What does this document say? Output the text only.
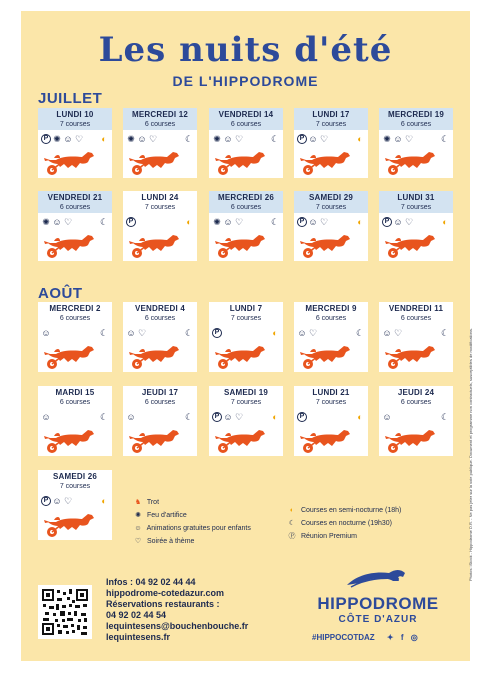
Les nuits d'été
DE L'HIPPODROME
JUILLET
AOÛT
LUNDI 10
7 courses
P ✺ ☺ ♡ ◐
MERCREDI 12
6 courses
✺ ☺ ♡	☾
VENDREDI 14
6 courses
✺ ☺ ♡	☾
LUNDI 17
7 courses
P ☺ ♡	◐
MERCREDI 19
6 courses
✺ ☺ ♡	☾
VENDREDI 21
6 courses
✺ ☺ ♡	☾
LUNDI 24
7 courses
P	◐
MERCREDI 26
6 courses
✺ ☺ ♡	☾
SAMEDI 29
7 courses
P ☺ ♡	◐
LUNDI 31
7 courses
P ☺ ♡	◐
MERCREDI 2
6 courses
☺	☾
VENDREDI 4
6 courses
☺ ♡	☾
LUNDI 7
7 courses
P	◐
MERCREDI 9
6 courses
☺ ♡	☾
VENDREDI 11
6 courses
☺ ♡	☾
MARDI 15
6 courses
☺	☾
JEUDI 17
6 courses
☺	☾
SAMEDI 19
7 courses
P ☺ ♡	◐
LUNDI 21
7 courses
P	◐
JEUDI 24
6 courses
☺	☾
SAMEDI 26
7 courses
P ☺ ♡	◐	♞ Trot
✺ Feu d'artifice
☺ Animations gratuites pour enfants
♡ Soirée à thème
◐ Courses en semi-nocturne (18h)
☾ Courses en nocturne (19h30)
Ⓟ Réunion Premium
Infos : 04 92 02 44 44
hippodrome-cotedazur.com
Réservations restaurants :
04 92 02 44 54
lequintesens@bouchenbouche.fr
lequintesens.fr
HIPPODROME
CÔTE D'AZUR
#HIPPOCOTDAZ ✦ f ◎
Photos: iStock - Hippodrome D.R. - Ne pas jeter sur la voie publique. Document et programme non contractuels, susceptibles de modifications.
